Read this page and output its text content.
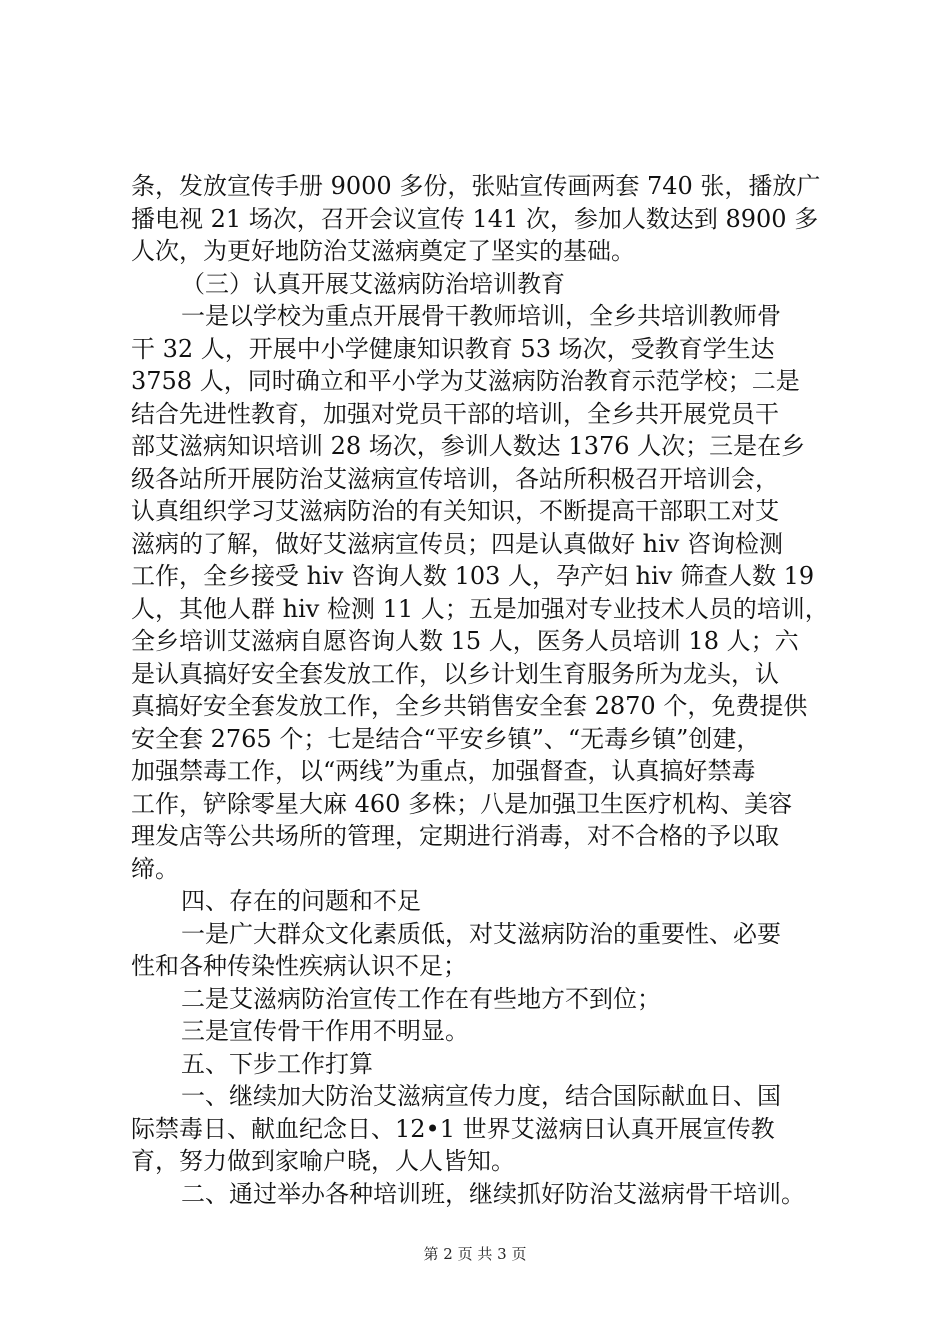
条，发放宣传手册 9000 多份，张贴宣传画两套 740 张，播放广
播电视 21 场次，召开会议宣传 141 次，参加人数达到 8900 多
人次，为更好地防治艾滋病奠定了坚实的基础。
（三）认真开展艾滋病防治培训教育
一是以学校为重点开展骨干教师培训，全乡共培训教师骨
干 32 人，开展中小学健康知识教育 53 场次，受教育学生达
3758 人，同时确立和平小学为艾滋病防治教育示范学校；二是
结合先进性教育，加强对党员干部的培训，全乡共开展党员干
部艾滋病知识培训 28 场次，参训人数达 1376 人次；三是在乡
级各站所开展防治艾滋病宣传培训，各站所积极召开培训会，
认真组织学习艾滋病防治的有关知识，不断提高干部职工对艾
滋病的了解，做好艾滋病宣传员；四是认真做好 hiv 咨询检测
工作，全乡接受 hiv 咨询人数 103 人，孕产妇 hiv 筛查人数 19
人，其他人群 hiv 检测 11 人；五是加强对专业技术人员的培训，
全乡培训艾滋病自愿咨询人数 15 人，医务人员培训 18 人；六
是认真搞好安全套发放工作，以乡计划生育服务所为龙头，认
真搞好安全套发放工作，全乡共销售安全套 2870 个，免费提供
安全套 2765 个；七是结合“平安乡镇”、“无毒乡镇”创建，
加强禁毒工作，以“两线”为重点，加强督查，认真搞好禁毒
工作，铲除零星大麻 460 多株；八是加强卫生医疗机构、美容
理发店等公共场所的管理，定期进行消毒，对不合格的予以取
缔。
四、存在的问题和不足
一是广大群众文化素质低，对艾滋病防治的重要性、必要
性和各种传染性疾病认识不足；
二是艾滋病防治宣传工作在有些地方不到位；
三是宣传骨干作用不明显。
五、下步工作打算
一、继续加大防治艾滋病宣传力度，结合国际献血日、国
际禁毒日、献血纪念日、12•1 世界艾滋病日认真开展宣传教
育，努力做到家喻户晓，人人皆知。
二、通过举办各种培训班，继续抓好防治艾滋病骨干培训。
第 2 页 共 3 页
